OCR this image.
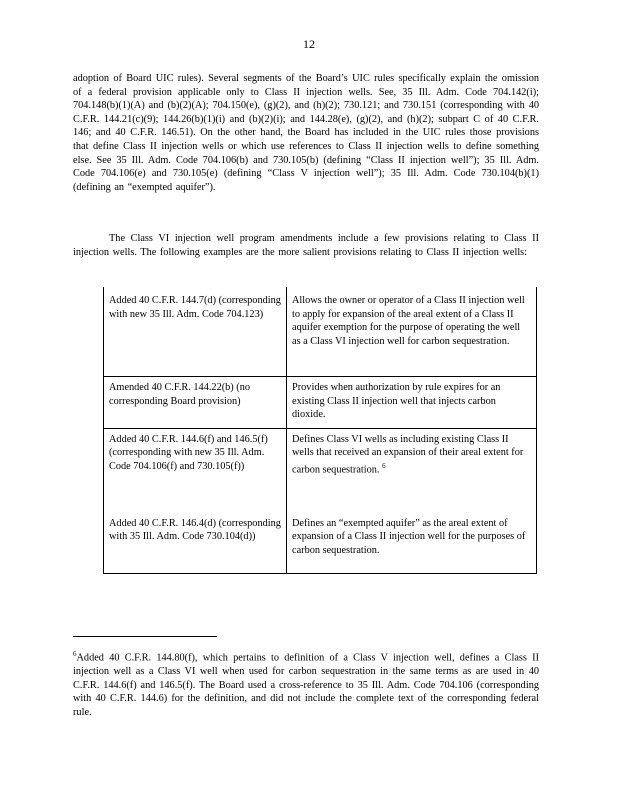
12

adoption of Board UIC rules). Several segments of the Board’s UIC rules specifically explain the omission of a federal provision applicable only to Class II injection wells. See, 35 Ill. Adm. Code 704.142(i); 704.148(b)(1)(A) and (b)(2)(A); 704.150(e), (g)(2), and (h)(2); 730.121; and 730.151 (corresponding with 40 C.F.R. 144.21(c)(9); 144.26(b)(1)(i) and (b)(2)(i); and 144.28(e), (g)(2), and (h)(2); subpart C of 40 C.F.R. 146; and 40 C.F.R. 146.51). On the other hand, the Board has included in the UIC rules those provisions that define Class II injection wells or which use references to Class II injection wells to define something else. See 35 Ill. Adm. Code 704.106(b) and 730.105(b) (defining “Class II injection well”); 35 Ill. Adm. Code 704.106(e) and 730.105(e) (defining “Class V injection well”); 35 Ill. Adm. Code 730.104(b)(1) (defining an “exempted aquifer”).

The Class VI injection well program amendments include a few provisions relating to Class II injection wells. The following examples are the more salient provisions relating to Class II injection wells:

Added 40 C.F.R. 144.7(d) (corresponding with new 35 Ill. Adm. Code 704.123)	Allows the owner or operator of a Class II injection well to apply for expansion of the areal extent of a Class II aquifer exemption for the purpose of operating the well as a Class VI injection well for carbon sequestration.
Amended 40 C.F.R. 144.22(b) (no corresponding Board provision)	Provides when authorization by rule expires for an existing Class II injection well that injects carbon dioxide.
Added 40 C.F.R. 144.6(f) and 146.5(f) (corresponding with new 35 Ill. Adm. Code 704.106(f) and 730.105(f))	Defines Class VI wells as including existing Class II wells that received an expansion of their areal extent for carbon sequestration. $^6$
Added 40 C.F.R. 146.4(d) (corresponding with 35 Ill. Adm. Code 730.104(d))	Defines an “exempted aquifer” as the areal extent of expansion of a Class II injection well for the purposes of carbon sequestration.

$^6$Added 40 C.F.R. 144.80(f), which pertains to definition of a Class V injection well, defines a Class II injection well as a Class VI well when used for carbon sequestration in the same terms as are used in 40 C.F.R. 144.6(f) and 146.5(f). The Board used a cross-reference to 35 Ill. Adm. Code 704.106 (corresponding with 40 C.F.R. 144.6) for the definition, and did not include the complete text of the corresponding federal rule.
